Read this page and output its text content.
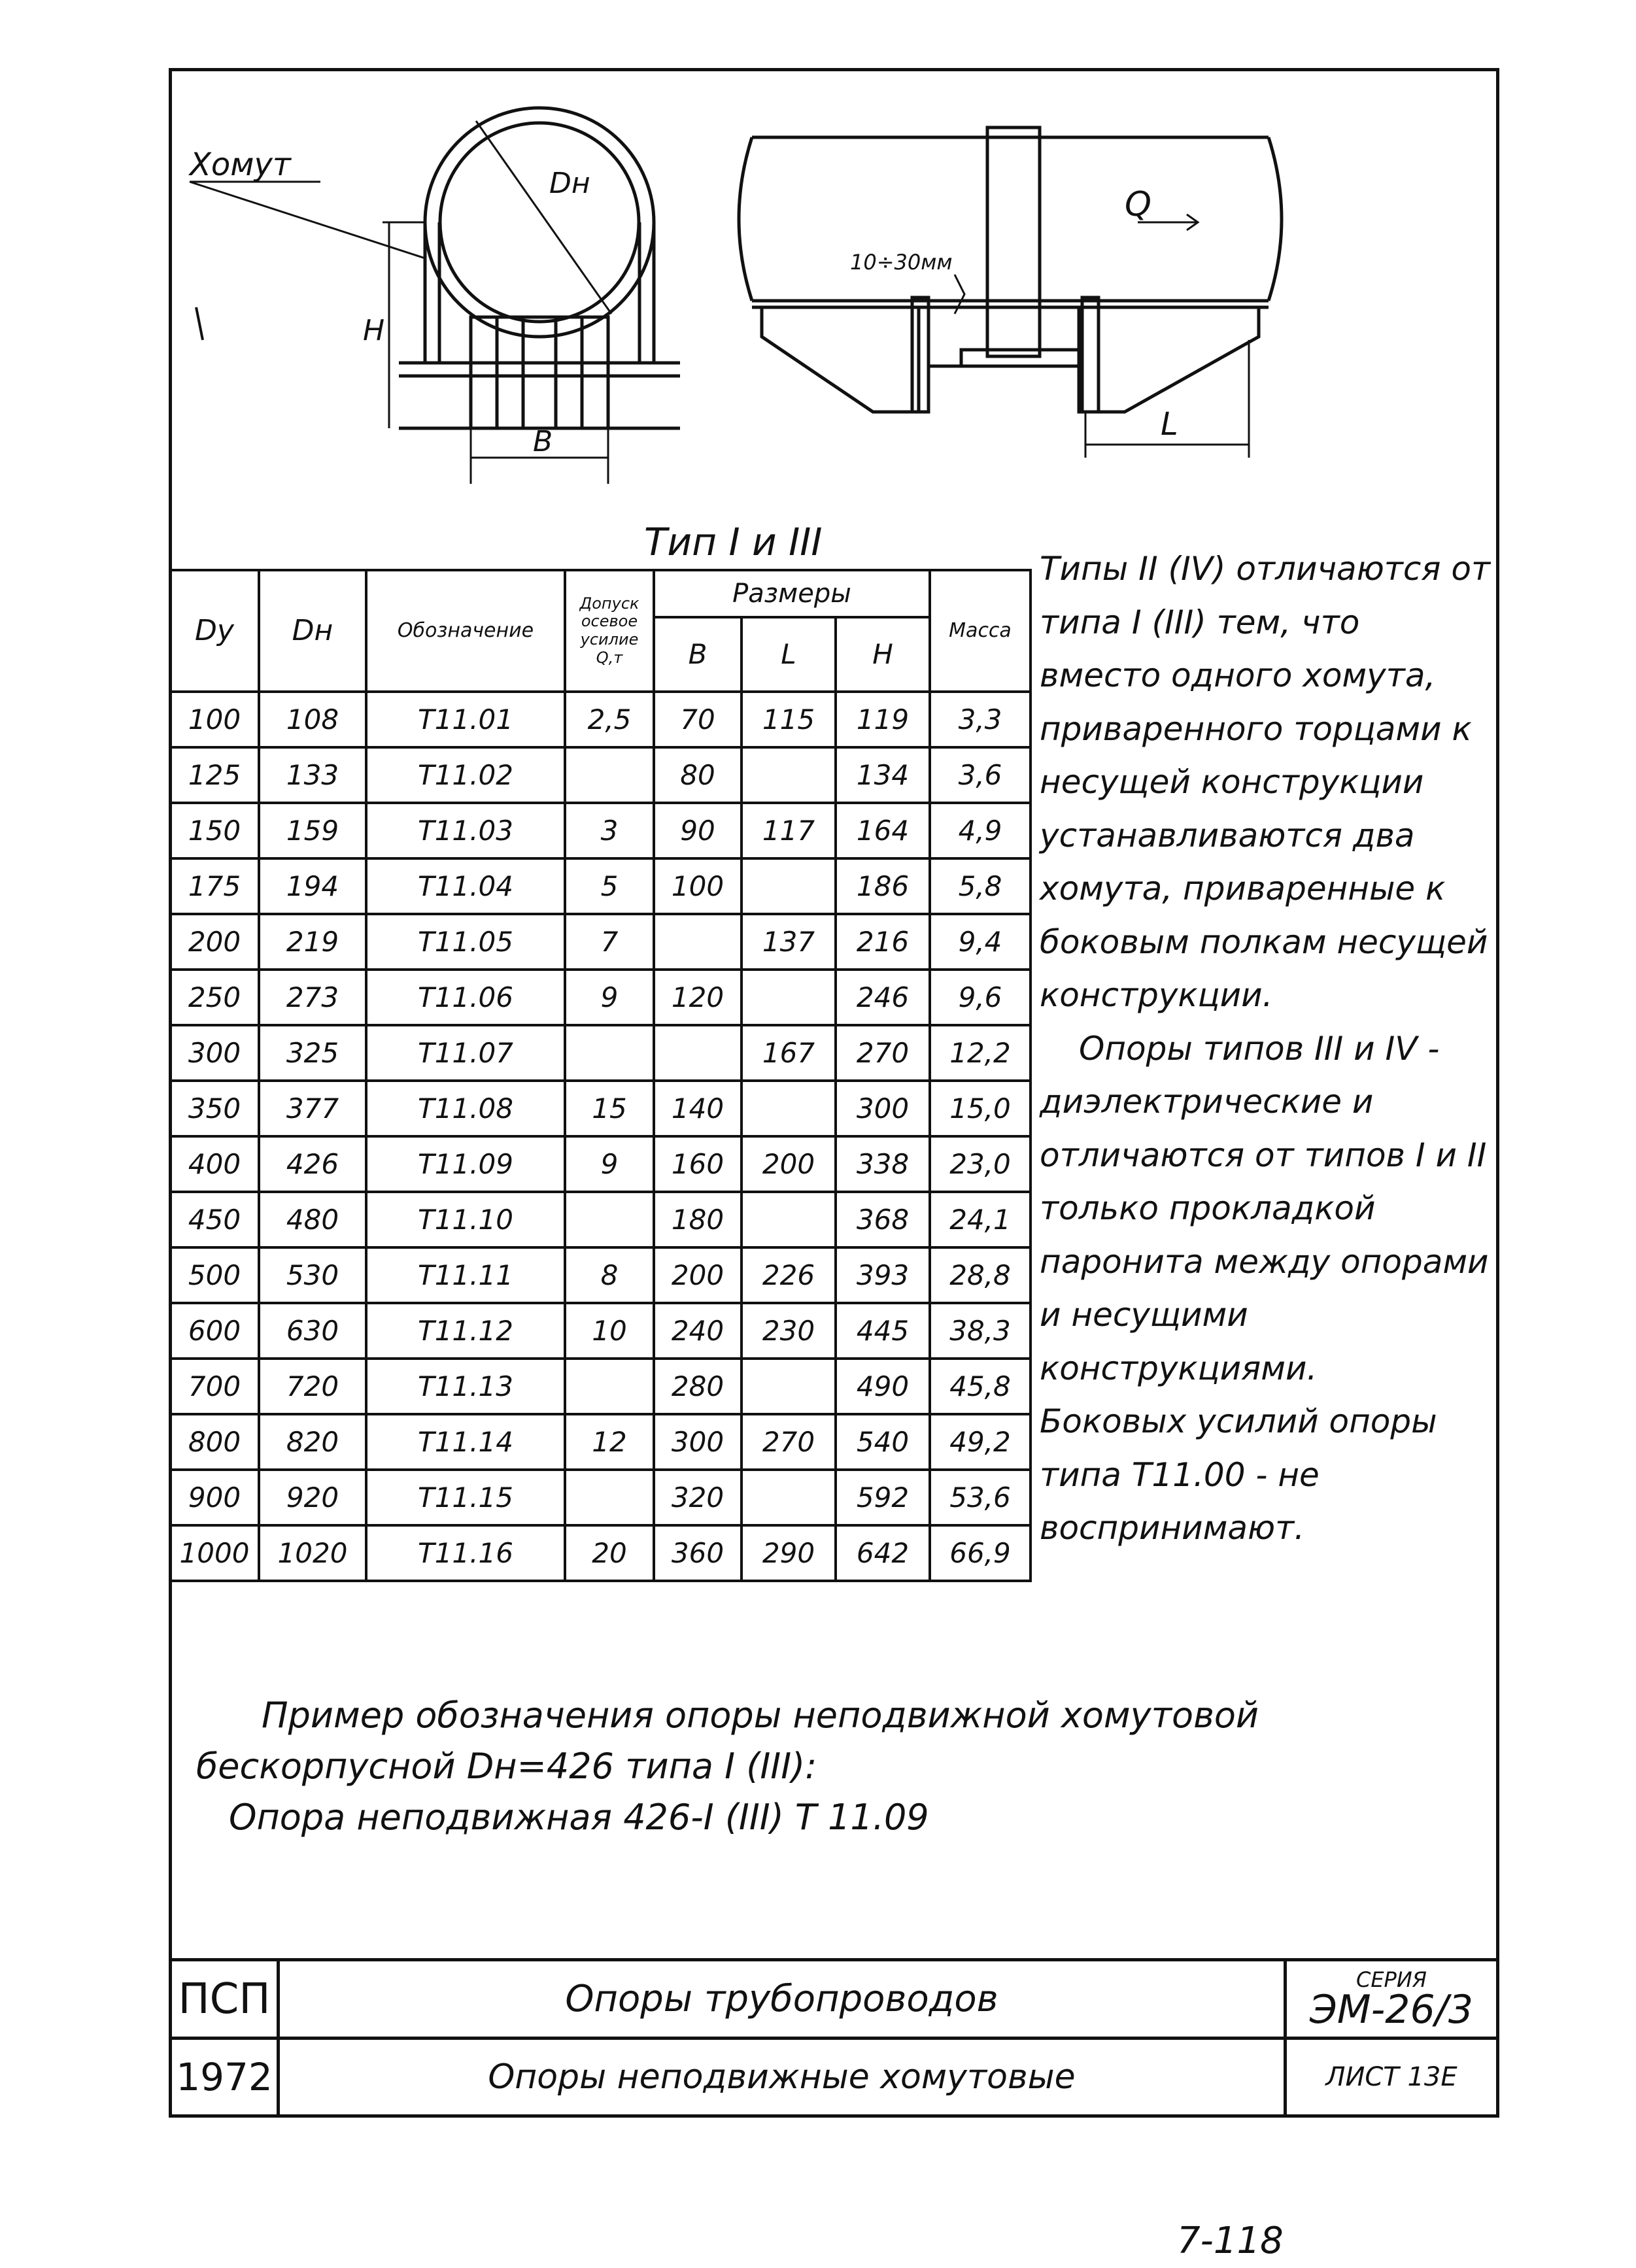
Хомут
Dн
H
B
Q
10÷30мм
L
Тип I и III
Dу	Dн	Обозначение	Допуск осевое усилие Q,т	Размеры			Масса
				B	L	H	
100	108	Т11.01	2,5	70	115	119	3,3
125	133	Т11.02		80		134	3,6
150	159	Т11.03	3	90	117	164	4,9
175	194	Т11.04	5	100		186	5,8
200	219	Т11.05	7		137	216	9,4
250	273	Т11.06	9	120		246	9,6
300	325	Т11.07			167	270	12,2
350	377	Т11.08	15	140		300	15,0
400	426	Т11.09	9	160	200	338	23,0
450	480	Т11.10		180		368	24,1
500	530	Т11.11	8	200	226	393	28,8
600	630	Т11.12	10	240	230	445	38,3
700	720	Т11.13		280		490	45,8
800	820	Т11.14	12	300	270	540	49,2
900	920	Т11.15		320		592	53,6
1000	1020	Т11.16	20	360	290	642	66,9

Типы II (IV) отличаются от типа I (III) тем, что вместо одного хомута, приваренного торцами к несущей конструкции устанавливаются два хомута, приваренные к боковым полкам несущей конструкции.

Опоры типов III и IV - диэлектрические и отличаются от типов I и II только прокладкой паронита между опорами и несущими конструкциями.

Боковых усилий опоры типа Т11.00 - не воспринимают.

Пример обозначения опоры неподвижной хомутовой бескорпусной Dн=426 типа I (III):

Опора неподвижная 426-I (III) Т 11.09

ПСП
1972
Опоры трубопроводов
Опоры неподвижные хомутовые
СЕРИЯ
ЭМ-26/3
ЛИСТ 13Е
7-118
